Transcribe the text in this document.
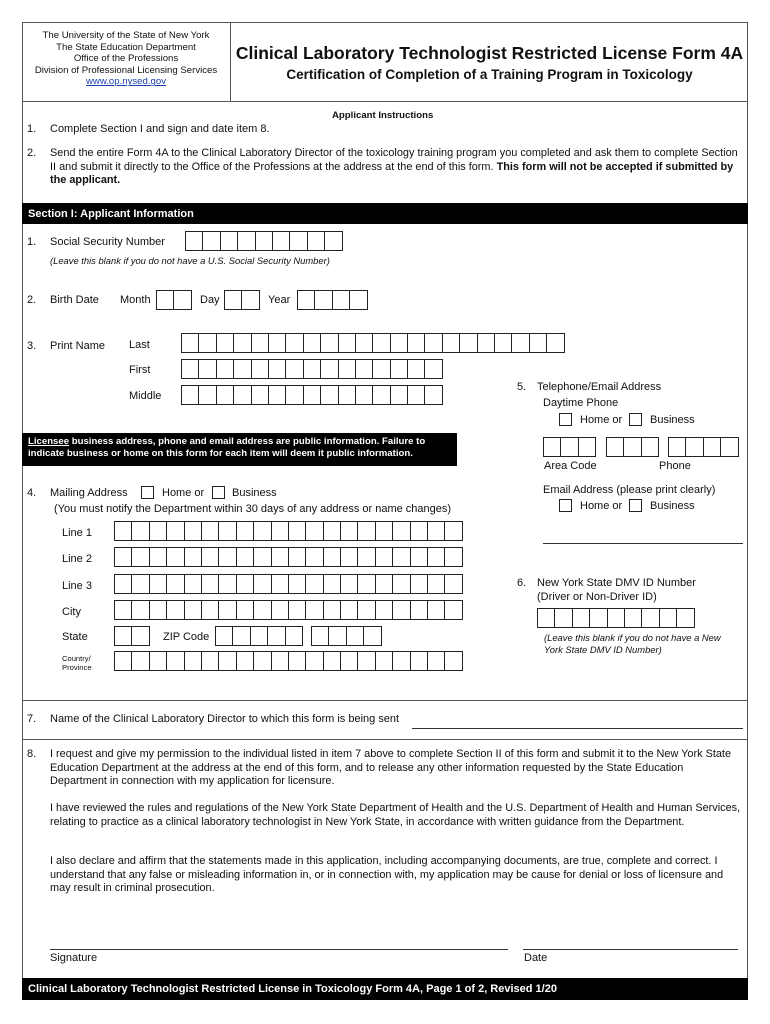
The University of the State of New York
The State Education Department
Office of the Professions
Division of Professional Licensing Services
www.op.nysed.gov
Clinical Laboratory Technologist Restricted License Form 4A
Certification of Completion of a Training Program in Toxicology
Applicant Instructions
1. Complete Section I and sign and date item 8.
2. Send the entire Form 4A to the Clinical Laboratory Director of the toxicology training program you completed and ask them to complete Section II and submit it directly to the Office of the Professions at the address at the end of this form. This form will not be accepted if submitted by the applicant.
Section I: Applicant Information
1. Social Security Number
(Leave this blank if you do not have a U.S. Social Security Number)
2. Birth Date Month	Day	Year
3. Print Name Last
First
Middle
5. Telephone/Email Address
Daytime Phone
Home or	Business
Area Code	Phone
Email Address (please print clearly)
Home or	Business
Licensee business address, phone and email address are public information. Failure to indicate business or home on this form for each item will deem it public information.
4. Mailing Address	Home or	Business
(You must notify the Department within 30 days of any address or name changes)
Line 1
Line 2
Line 3
City
State	ZIP Code
Country/
Province
6. New York State DMV ID Number
(Driver or Non-Driver ID)
(Leave this blank if you do not have a New York State DMV ID Number)
7. Name of the Clinical Laboratory Director to which this form is being sent
8. I request and give my permission to the individual listed in item 7 above to complete Section II of this form and submit it to the New York State Education Department at the address at the end of this form, and to release any other information requested by the State Education Department in connection with my application for licensure.
I have reviewed the rules and regulations of the New York State Department of Health and the U.S. Department of Health and Human Services, relating to practice as a clinical laboratory technologist in New York State, in accordance with written guidance from the Department.
I also declare and affirm that the statements made in this application, including accompanying documents, are true, complete and correct. I understand that any false or misleading information in, or in connection with, my application may be cause for denial or loss of licensure and may result in criminal prosecution.
Signature	Date
Clinical Laboratory Technologist Restricted License in Toxicology Form 4A, Page 1 of 2, Revised 1/20
